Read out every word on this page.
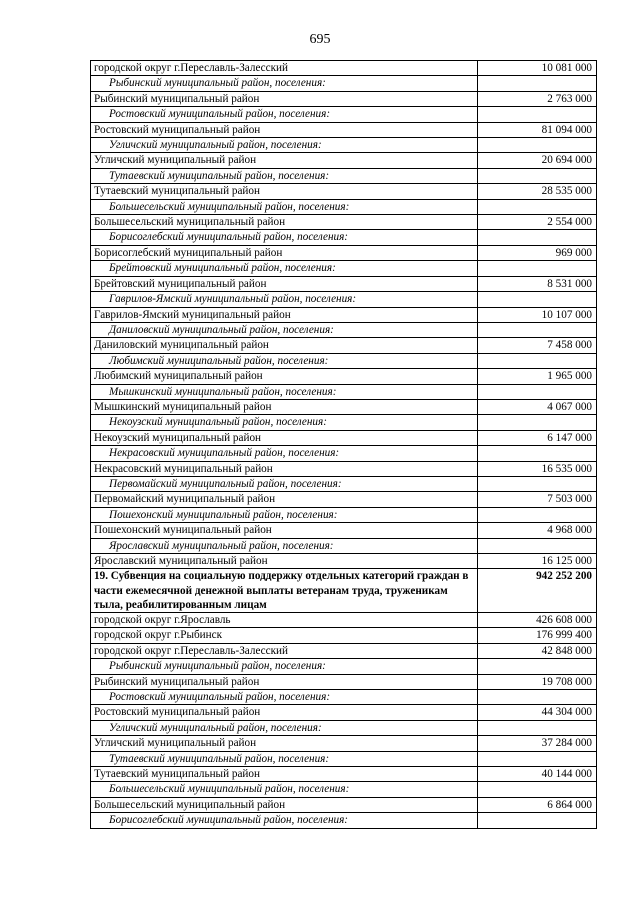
695
городской округ г.Переславль-Залесский	10 081 000
Рыбинский муниципальный район, поселения:	
Рыбинский муниципальный район	2 763 000
Ростовский муниципальный район, поселения:	
Ростовский муниципальный район	81 094 000
Угличский муниципальный район, поселения:	
Угличский муниципальный район	20 694 000
Тутаевский муниципальный район, поселения:	
Тутаевский муниципальный район	28 535 000
Большесельский муниципальный район, поселения:	
Большесельский муниципальный район	2 554 000
Борисоглебский муниципальный район, поселения:	
Борисоглебский муниципальный район	969 000
Брейтовский муниципальный район, поселения:	
Брейтовский муниципальный район	8 531 000
Гаврилов-Ямский муниципальный район, поселения:	
Гаврилов-Ямский муниципальный район	10 107 000
Даниловский муниципальный район, поселения:	
Даниловский муниципальный район	7 458 000
Любимский муниципальный район, поселения:	
Любимский муниципальный район	1 965 000
Мышкинский муниципальный район, поселения:	
Мышкинский муниципальный район	4 067 000
Некоузский муниципальный район, поселения:	
Некоузский муниципальный район	6 147 000
Некрасовский муниципальный район, поселения:	
Некрасовский муниципальный район	16 535 000
Первомайский муниципальный район, поселения:	
Первомайский муниципальный район	7 503 000
Пошехонский муниципальный район, поселения:	
Пошехонский муниципальный район	4 968 000
Ярославский муниципальный район, поселения:	
Ярославский муниципальный район	16 125 000
19. Субвенция на социальную поддержку отдельных категорий граждан в части ежемесячной денежной выплаты ветеранам труда, труженикам тыла, реабилитированным лицам	942 252 200
городской округ г.Ярославль	426 608 000
городской округ г.Рыбинск	176 999 400
городской округ г.Переславль-Залесский	42 848 000
Рыбинский муниципальный район, поселения:	
Рыбинский муниципальный район	19 708 000
Ростовский муниципальный район, поселения:	
Ростовский муниципальный район	44 304 000
Угличский муниципальный район, поселения:	
Угличский муниципальный район	37 284 000
Тутаевский муниципальный район, поселения:	
Тутаевский муниципальный район	40 144 000
Большесельский муниципальный район, поселения:	
Большесельский муниципальный район	6 864 000
Борисоглебский муниципальный район, поселения:	
